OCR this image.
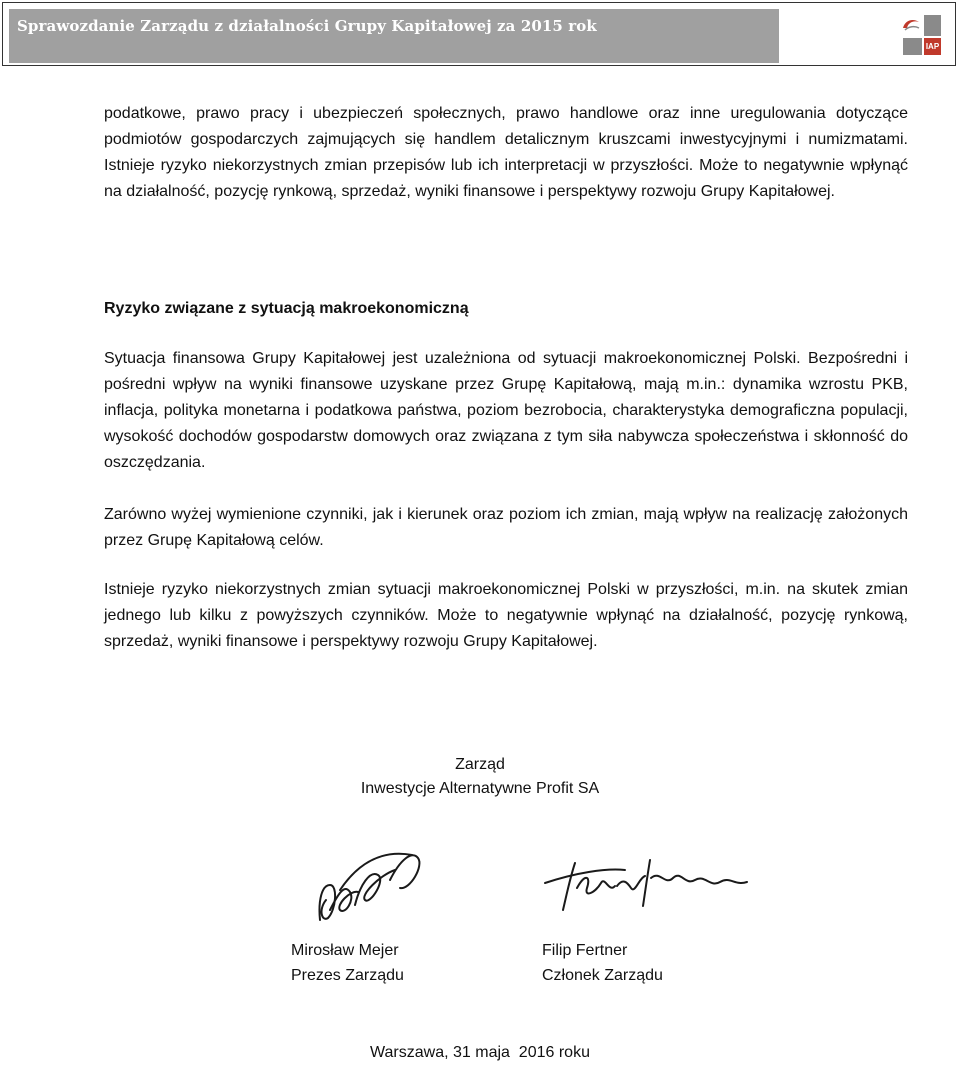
Sprawozdanie Zarządu z działalności Grupy Kapitałowej za 2015 rok
IAP

podatkowe, prawo pracy i ubezpieczeń społecznych, prawo handlowe oraz inne uregulowania dotyczące podmiotów gospodarczych zajmujących się handlem detalicznym kruszcami inwestycyjnymi i numizmatami. Istnieje ryzyko niekorzystnych zmian przepisów lub ich interpretacji w przyszłości. Może to negatywnie wpłynąć na działalność, pozycję rynkową, sprzedaż, wyniki finansowe i perspektywy rozwoju Grupy Kapitałowej.

Ryzyko związane z sytuacją makroekonomiczną

Sytuacja finansowa Grupy Kapitałowej jest uzależniona od sytuacji makroekonomicznej Polski. Bezpośredni i pośredni wpływ na wyniki finansowe uzyskane przez Grupę Kapitałową, mają m.in.: dynamika wzrostu PKB, inflacja, polityka monetarna i podatkowa państwa, poziom bezrobocia, charakterystyka demograficzna populacji, wysokość dochodów gospodarstw domowych oraz związana z tym siła nabywcza społeczeństwa i skłonność do oszczędzania.

Zarówno wyżej wymienione czynniki, jak i kierunek oraz poziom ich zmian, mają wpływ na realizację założonych przez Grupę Kapitałową celów.

Istnieje ryzyko niekorzystnych zmian sytuacji makroekonomicznej Polski w przyszłości, m.in. na skutek zmian jednego lub kilku z powyższych czynników. Może to negatywnie wpłynąć na działalność, pozycję rynkową, sprzedaż, wyniki finansowe i perspektywy rozwoju Grupy Kapitałowej.

Zarząd
Inwestycje Alternatywne Profit SA
Mirosław Mejer
Prezes Zarządu
Filip Fertner
Członek Zarządu
Warszawa, 31 maja  2016 roku
